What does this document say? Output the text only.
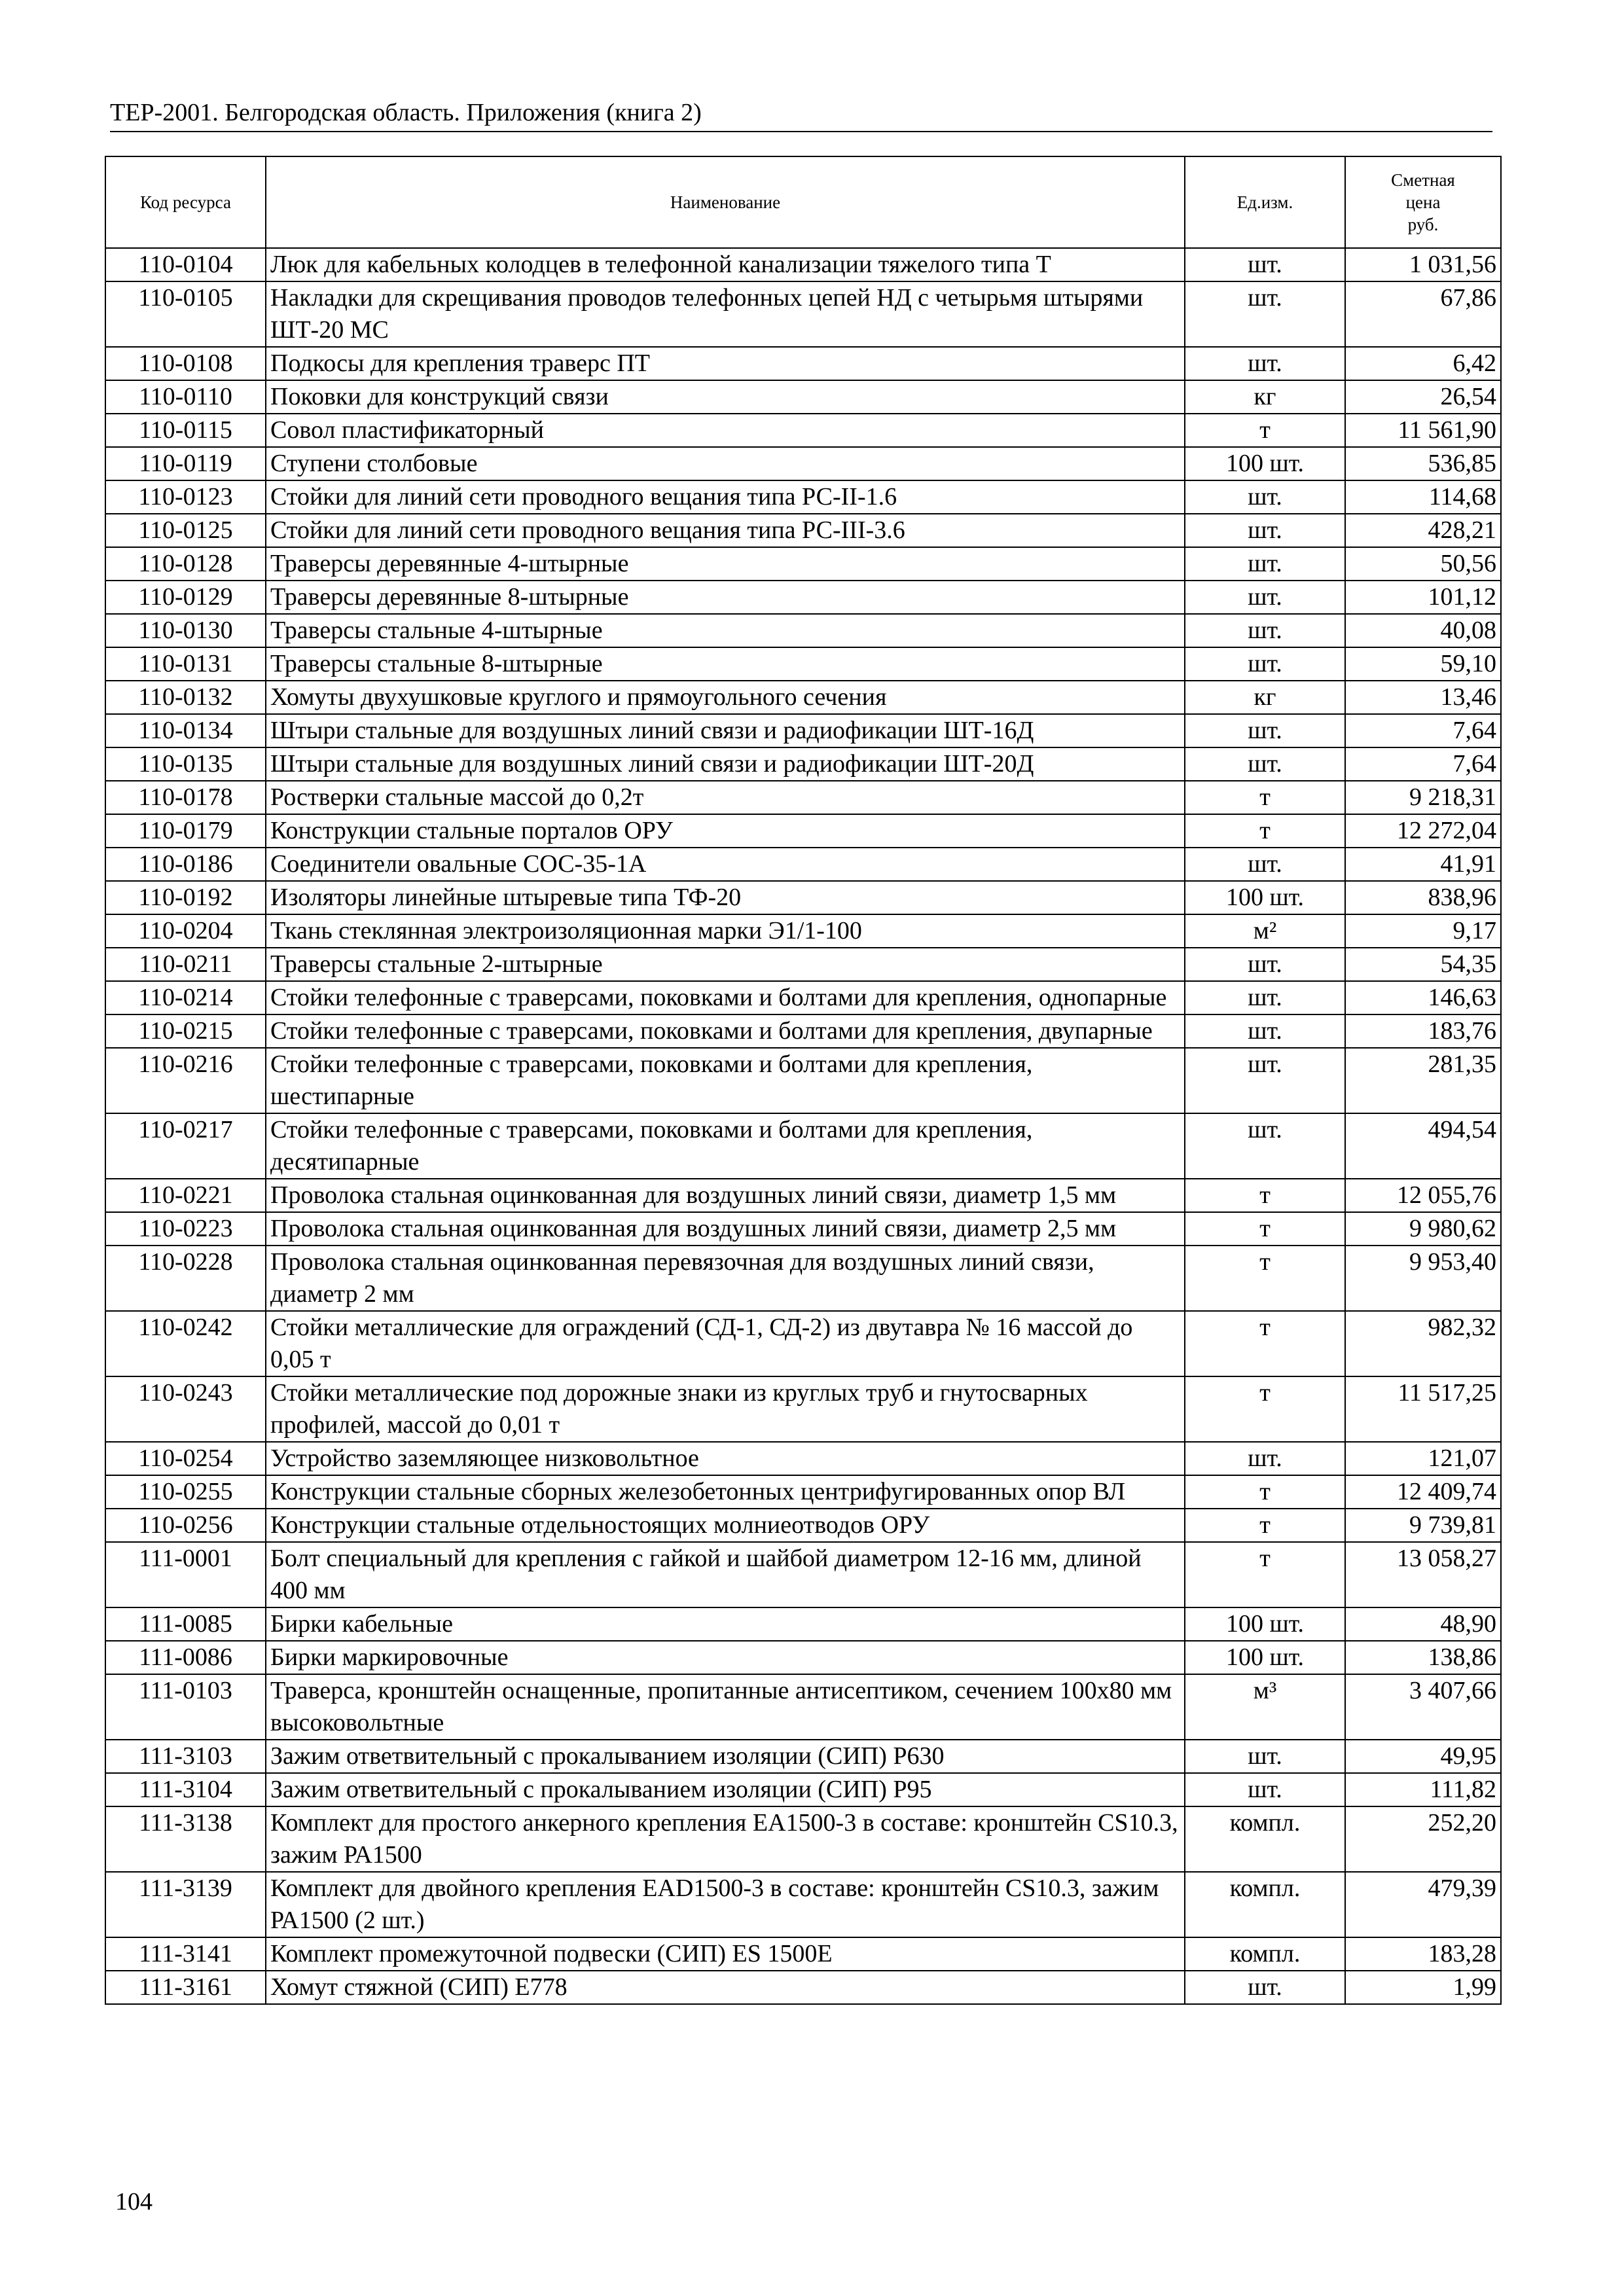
ТЕР-2001. Белгородская область. Приложения (книга 2)
Код ресурса	Наименование	Ед.изм.	Сметная
цена
руб.
110-0104	Люк для кабельных колодцев в телефонной канализации тяжелого типа Т	шт.	1 031,56
110-0105	Накладки для скрещивания проводов телефонных цепей НД с четырьмя штырями ШТ-20 МС	шт.	67,86
110-0108	Подкосы для крепления траверс ПТ	шт.	6,42
110-0110	Поковки для конструкций связи	кг	26,54
110-0115	Совол пластификаторный	т	11 561,90
110-0119	Ступени столбовые	100 шт.	536,85
110-0123	Стойки для линий сети проводного вещания типа РС-II-1.6	шт.	114,68
110-0125	Стойки для линий сети проводного вещания типа РС-III-3.6	шт.	428,21
110-0128	Траверсы деревянные 4-штырные	шт.	50,56
110-0129	Траверсы деревянные 8-штырные	шт.	101,12
110-0130	Траверсы стальные 4-штырные	шт.	40,08
110-0131	Траверсы стальные 8-штырные	шт.	59,10
110-0132	Хомуты двухушковые круглого и прямоугольного сечения	кг	13,46
110-0134	Штыри стальные для воздушных линий связи и радиофикации ШТ-16Д	шт.	7,64
110-0135	Штыри стальные для воздушных линий связи и радиофикации ШТ-20Д	шт.	7,64
110-0178	Ростверки стальные массой до 0,2т	т	9 218,31
110-0179	Конструкции стальные порталов ОРУ	т	12 272,04
110-0186	Соединители овальные СОС-35-1А	шт.	41,91
110-0192	Изоляторы линейные штыревые типа ТФ-20	100 шт.	838,96
110-0204	Ткань стеклянная электроизоляционная марки Э1/1-100	м²	9,17
110-0211	Траверсы стальные 2-штырные	шт.	54,35
110-0214	Стойки телефонные с траверсами, поковками и болтами для крепления, однопарные	шт.	146,63
110-0215	Стойки телефонные с траверсами, поковками и болтами для крепления, двупарные	шт.	183,76
110-0216	Стойки телефонные с траверсами, поковками и болтами для крепления, шестипарные	шт.	281,35
110-0217	Стойки телефонные с траверсами, поковками и болтами для крепления, десятипарные	шт.	494,54
110-0221	Проволока стальная оцинкованная для воздушных линий связи, диаметр 1,5 мм	т	12 055,76
110-0223	Проволока стальная оцинкованная для воздушных линий связи, диаметр 2,5 мм	т	9 980,62
110-0228	Проволока стальная оцинкованная перевязочная для воздушных линий связи, диаметр 2 мм	т	9 953,40
110-0242	Стойки металлические для ограждений (СД-1, СД-2) из двутавра № 16 массой до 0,05 т	т	982,32
110-0243	Стойки металлические под дорожные знаки из круглых труб и гнутосварных профилей, массой до 0,01 т	т	11 517,25
110-0254	Устройство заземляющее низковольтное	шт.	121,07
110-0255	Конструкции стальные сборных железобетонных центрифугированных опор ВЛ	т	12 409,74
110-0256	Конструкции стальные отдельностоящих молниеотводов ОРУ	т	9 739,81
111-0001	Болт специальный для крепления с гайкой и шайбой диаметром 12-16 мм, длиной 400 мм	т	13 058,27
111-0085	Бирки кабельные	100 шт.	48,90
111-0086	Бирки маркировочные	100 шт.	138,86
111-0103	Траверса, кронштейн оснащенные, пропитанные антисептиком, сечением 100x80 мм высоковольтные	м³	3 407,66
111-3103	Зажим ответвительный с прокалыванием изоляции (СИП) Р630	шт.	49,95
111-3104	Зажим ответвительный с прокалыванием изоляции (СИП) Р95	шт.	111,82
111-3138	Комплект для простого анкерного крепления ЕА1500-3 в составе: кронштейн CS10.3, зажим РА1500	компл.	252,20
111-3139	Комплект для двойного крепления EAD1500-3 в составе: кронштейн CS10.3, зажим РА1500 (2 шт.)	компл.	479,39
111-3141	Комплект промежуточной подвески (СИП) ES 1500E	компл.	183,28
111-3161	Хомут стяжной (СИП) Е778	шт.	1,99
104
